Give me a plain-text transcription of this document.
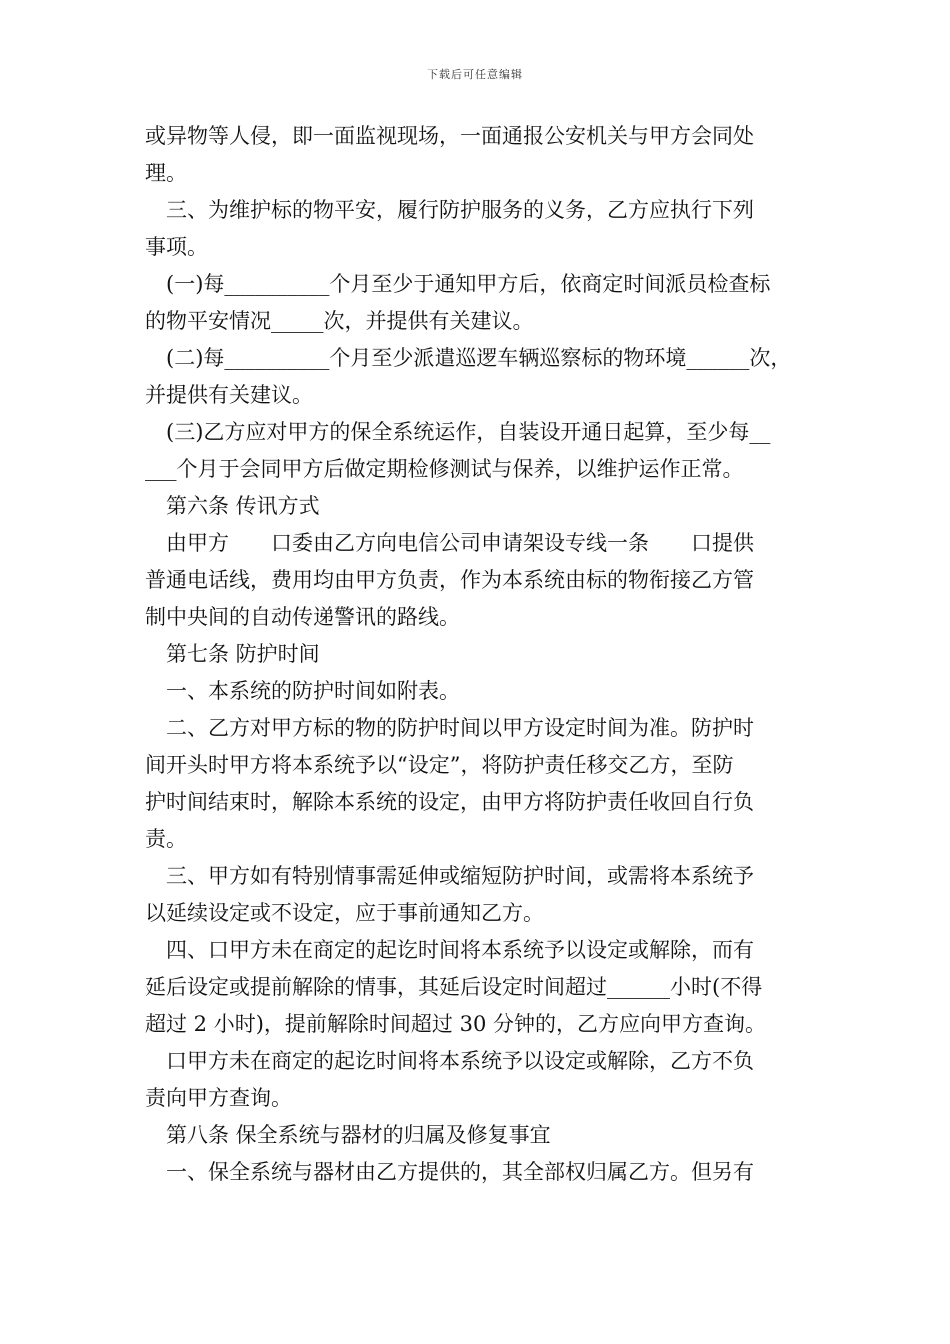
下载后可任意编辑

或异物等人侵，即一面监视现场，一面通报公安机关与甲方会同处

理。

　三、为维护标的物平安，履行防护服务的义务，乙方应执行下列

事项。

　(一)每__________个月至少于通知甲方后，依商定时间派员检查标

的物平安情况_____次，并提供有关建议。

　(二)每__________个月至少派遣巡逻车辆巡察标的物环境______次，

并提供有关建议。

　(三)乙方应对甲方的保全系统运作，自装设开通日起算，至少每__

___个月于会同甲方后做定期检修测试与保养，以维护运作正常。

　第六条 传讯方式

　由甲方　　口委由乙方向电信公司申请架设专线一条　　口提供

普通电话线，费用均由甲方负责，作为本系统由标的物衔接乙方管

制中央间的自动传递警讯的路线。

　第七条 防护时间

　一、本系统的防护时间如附表。

　二、乙方对甲方标的物的防护时间以甲方设定时间为准。防护时

间开头时甲方将本系统予以“设定”，将防护责任移交乙方，至防

护时间结束时，解除本系统的设定，由甲方将防护责任收回自行负

责。

　三、甲方如有特别情事需延伸或缩短防护时间，或需将本系统予

以延续设定或不设定，应于事前通知乙方。

　四、口甲方未在商定的起讫时间将本系统予以设定或解除，而有

延后设定或提前解除的情事，其延后设定时间超过______小时(不得

超过 2 小时)，提前解除时间超过 30 分钟的，乙方应向甲方查询。

　口甲方未在商定的起讫时间将本系统予以设定或解除，乙方不负

责向甲方查询。

　第八条 保全系统与器材的归属及修复事宜

　一、保全系统与器材由乙方提供的，其全部权归属乙方。但另有
